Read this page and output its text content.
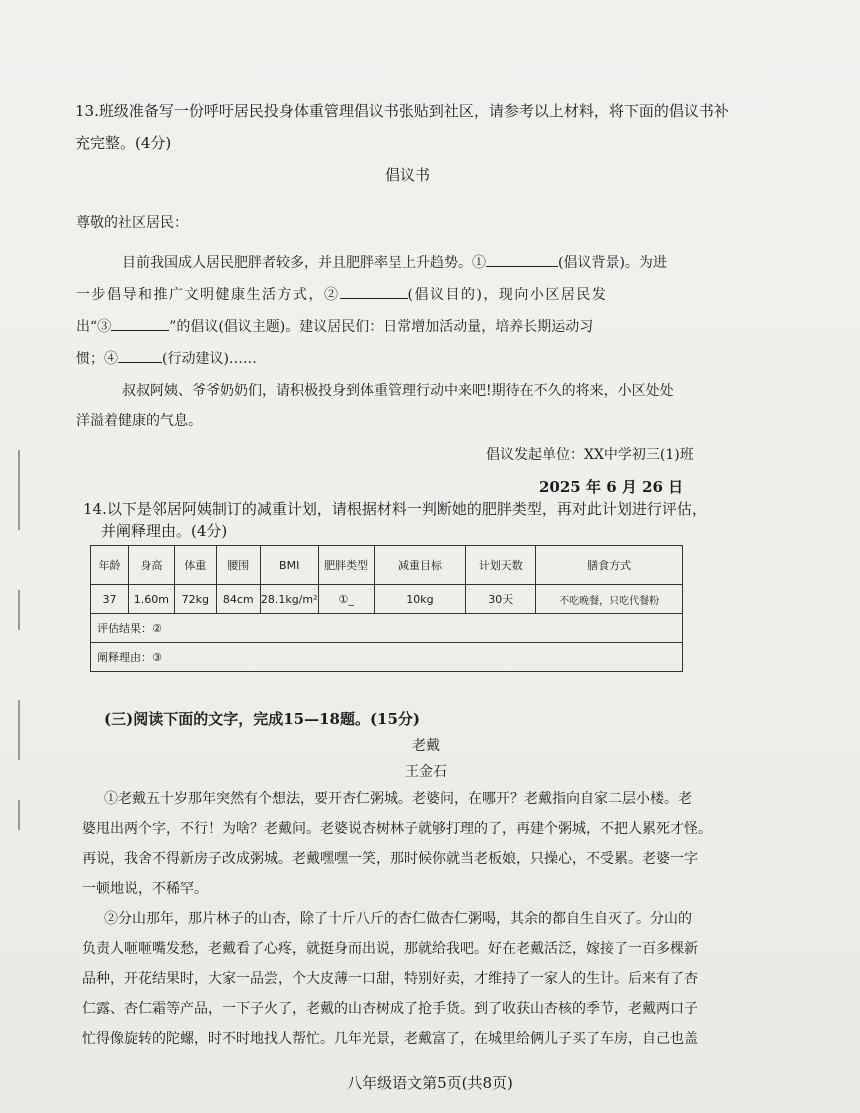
13.班级准备写一份呼吁居民投身体重管理倡议书张贴到社区，请参考以上材料，将下面的倡议书补
充完整。(4分)
倡议书
尊敬的社区居民：
目前我国成人居民肥胖者较多，并且肥胖率呈上升趋势。①	(倡议背景)。为进
一步倡导和推广文明健康生活方式，②	(倡议目的)，现向小区居民发
出“③	”的倡议(倡议主题)。建议居民们：日常增加活动量，培养长期运动习
惯；④	(行动建议)……
叔叔阿姨、爷爷奶奶们，请积极投身到体重管理行动中来吧!期待在不久的将来，小区处处
洋溢着健康的气息。
倡议发起单位：XX中学初三(1)班
2025 年 6 月 26 日
14.以下是邻居阿姨制订的减重计划，请根据材料一判断她的肥胖类型，再对此计划进行评估，
并阐释理由。(4分)
年龄	身高	体重	腰围	BMI	肥胖类型	减重目标	计划天数	膳食方式
37	1.60m	72kg	84cm	28.1kg/m²	①_	10kg	30天	不吃晚餐，只吃代餐粉
评估结果：②								
阐释理由：③								
(三)阅读下面的文字，完成15—18题。(15分)
老戴
王金石
①老戴五十岁那年突然有个想法，要开杏仁粥城。老婆问，在哪开？老戴指向自家二层小楼。老
婆甩出两个字，不行！为啥？老戴问。老婆说杏树林子就够打理的了，再建个粥城，不把人累死才怪。
再说，我舍不得新房子改成粥城。老戴嘿嘿一笑，那时候你就当老板娘，只操心，不受累。老婆一字
一顿地说，不稀罕。
②分山那年，那片林子的山杏，除了十斤八斤的杏仁做杏仁粥喝，其余的都自生自灭了。分山的
负责人咂咂嘴发愁，老戴看了心疼，就挺身而出说，那就给我吧。好在老戴活泛，嫁接了一百多棵新
品种，开花结果时，大家一品尝，个大皮薄一口甜，特别好卖，才维持了一家人的生计。后来有了杏
仁露、杏仁霜等产品，一下子火了，老戴的山杏树成了抢手货。到了收获山杏核的季节，老戴两口子
忙得像旋转的陀螺，时不时地找人帮忙。几年光景，老戴富了，在城里给俩儿子买了车房，自己也盖
八年级语文第5页(共8页)
